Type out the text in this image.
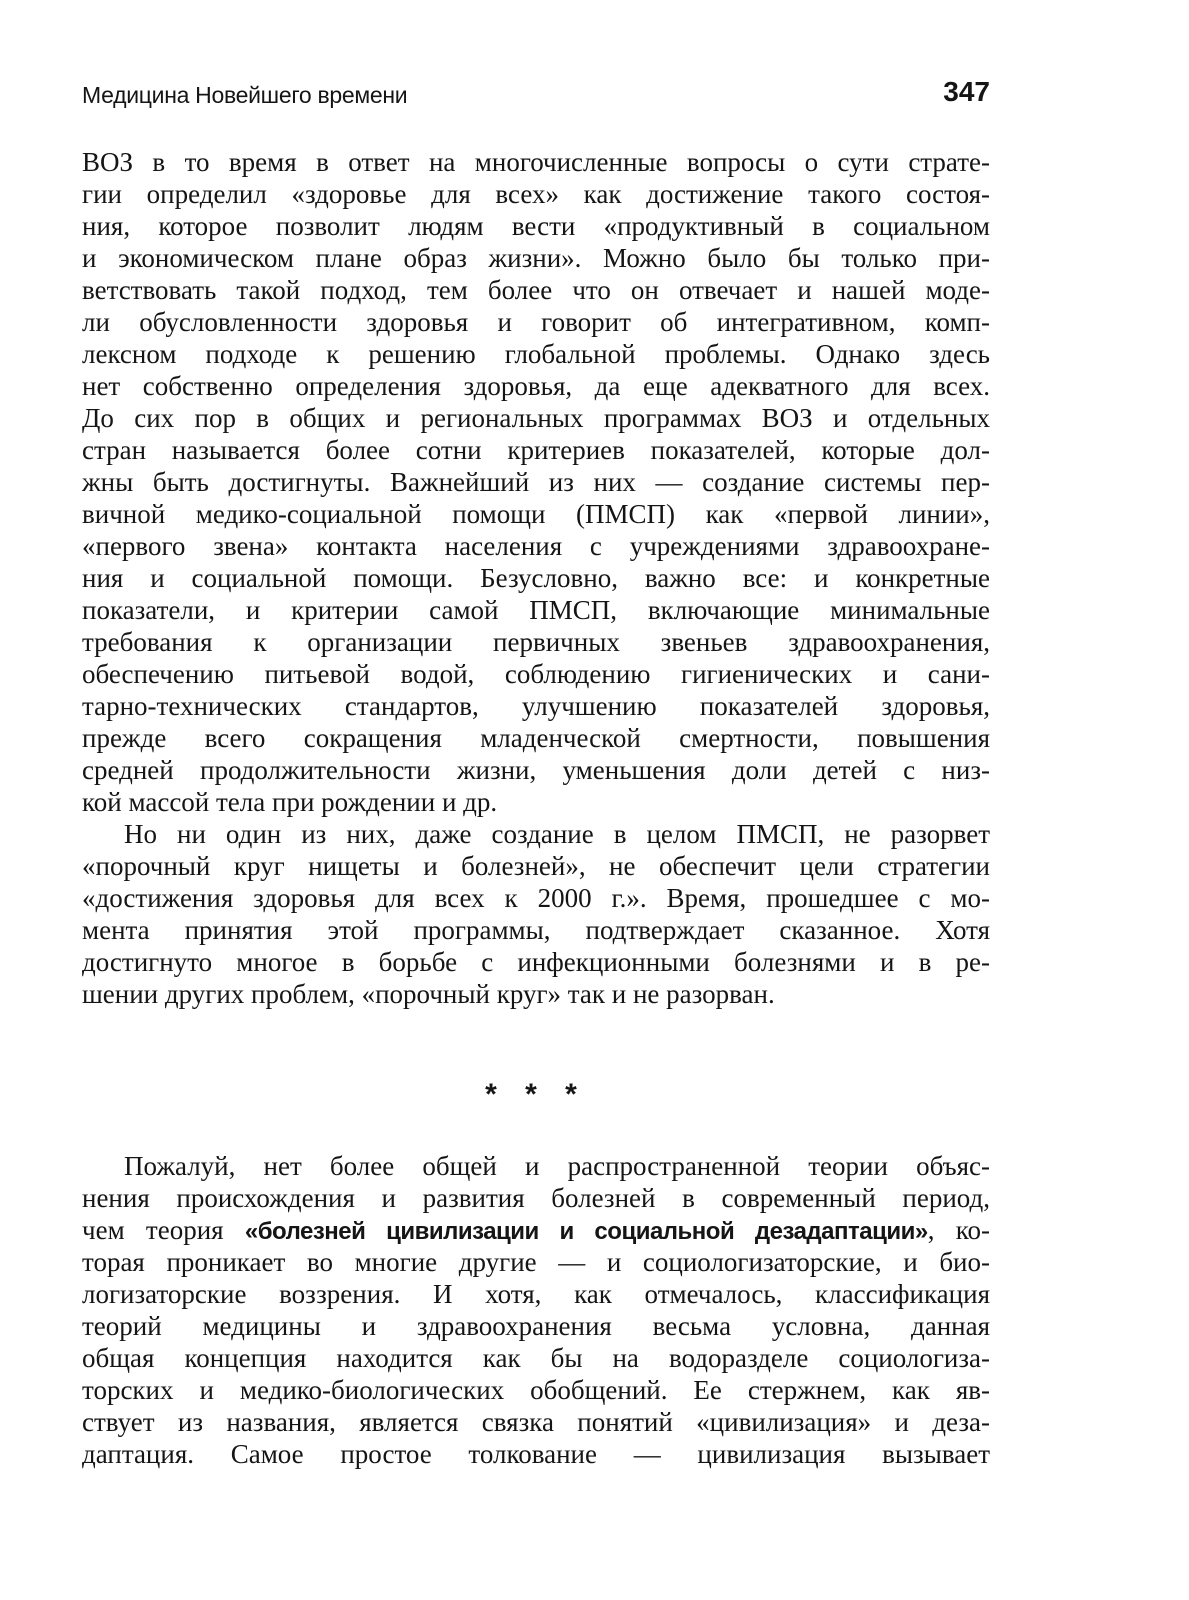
Медицина Новейшего времени	347
ВОЗ в то время в ответ на многочисленные вопросы о сути страте-
гии определил «здоровье для всех» как достижение такого состоя-
ния, которое позволит людям вести «продуктивный в социальном
и экономическом плане образ жизни». Можно было бы только при-
ветствовать такой подход, тем более что он отвечает и нашей моде-
ли обусловленности здоровья и говорит об интегративном, комп-
лексном подходе к решению глобальной проблемы. Однако здесь
нет собственно определения здоровья, да еще адекватного для всех.
До сих пор в общих и региональных программах ВОЗ и отдельных
стран называется более сотни критериев показателей, которые дол-
жны быть достигнуты. Важнейший из них — создание системы пер-
вичной медико-социальной помощи (ПМСП) как «первой линии»,
«первого звена» контакта населения с учреждениями здравоохране-
ния и социальной помощи. Безусловно, важно все: и конкретные
показатели, и критерии самой ПМСП, включающие минимальные
требования к организации первичных звеньев здравоохранения,
обеспечению питьевой водой, соблюдению гигиенических и сани-
тарно-технических стандартов, улучшению показателей здоровья,
прежде всего сокращения младенческой смертности, повышения
средней продолжительности жизни, уменьшения доли детей с низ-
кой массой тела при рождении и др.
Но ни один из них, даже создание в целом ПМСП, не разорвет
«порочный круг нищеты и болезней», не обеспечит цели стратегии
«достижения здоровья для всех к 2000 г.». Время, прошедшее с мо-
мента принятия этой программы, подтверждает сказанное. Хотя
достигнуто многое в борьбе с инфекционными болезнями и в ре-
шении других проблем, «порочный круг» так и не разорван.
* * *
Пожалуй, нет более общей и распространенной теории объяс-
нения происхождения и развития болезней в современный период,
чем теория «болезней цивилизации и социальной дезадаптации», ко-
торая проникает во многие другие — и социологизаторские, и био-
логизаторские воззрения. И хотя, как отмечалось, классификация
теорий медицины и здравоохранения весьма условна, данная
общая концепция находится как бы на водоразделе социологиза-
торских и медико-биологических обобщений. Ее стержнем, как яв-
ствует из названия, является связка понятий «цивилизация» и деза-
даптация. Самое простое толкование — цивилизация вызывает
